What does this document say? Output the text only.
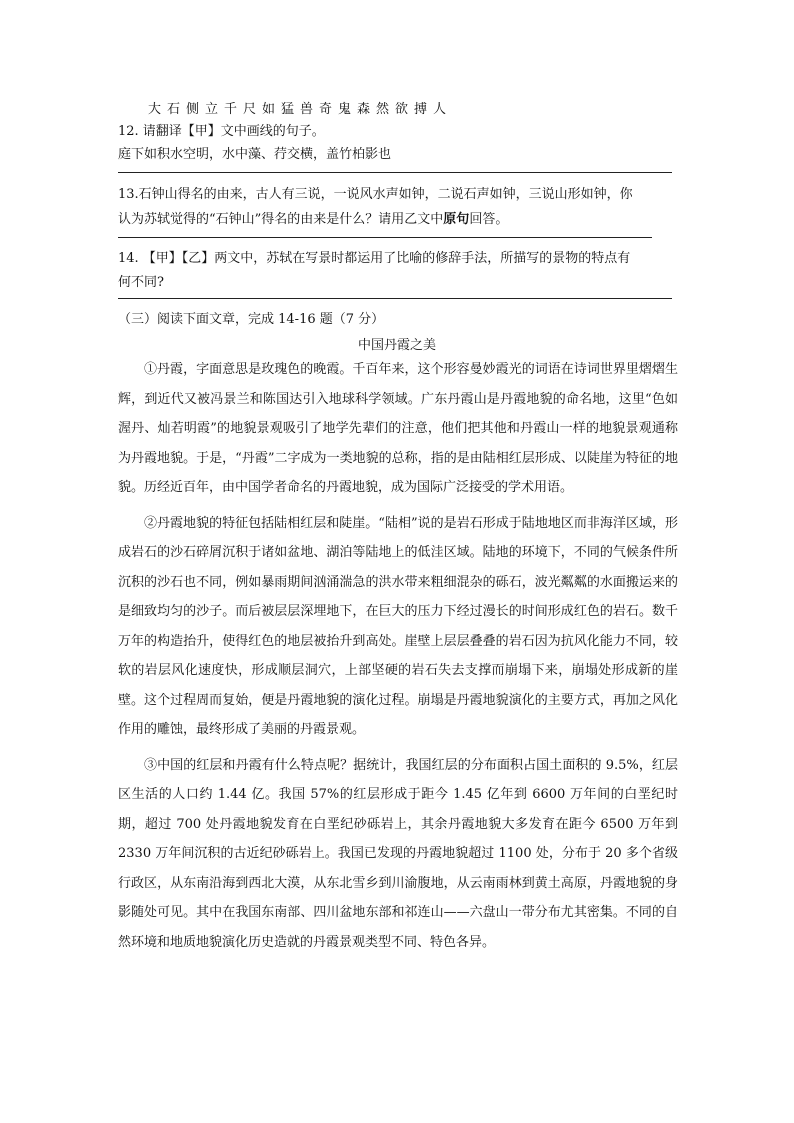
大石侧立千尺如猛兽奇鬼森然欲搏人
12. 请翻译【甲】文中画线的句子。
庭下如积水空明，水中藻、荇交横，盖竹柏影也
13.石钟山得名的由来，古人有三说，一说风水声如钟，二说石声如钟，三说山形如钟，你
认为苏轼觉得的“石钟山”得名的由来是什么？请用乙文中原句回答。
14. 【甲】【乙】两文中，苏轼在写景时都运用了比喻的修辞手法，所描写的景物的特点有
何不同?
（三）阅读下面文章，完成 14-16 题（7 分）
中国丹霞之美

①丹霞，字面意思是玫瑰色的晚霞。千百年来，这个形容曼妙霞光的词语在诗词世界里熠熠生辉，到近代又被冯景兰和陈国达引入地球科学领域。广东丹霞山是丹霞地貌的命名地，这里“色如渥丹、灿若明霞”的地貌景观吸引了地学先辈们的注意，他们把其他和丹霞山一样的地貌景观通称为丹霞地貌。于是，“丹霞”二字成为一类地貌的总称，指的是由陆相红层形成、以陡崖为特征的地貌。历经近百年，由中国学者命名的丹霞地貌，成为国际广泛接受的学术用语。

②丹霞地貌的特征包括陆相红层和陡崖。“陆相”说的是岩石形成于陆地地区而非海洋区域，形成岩石的沙石碎屑沉积于诸如盆地、湖泊等陆地上的低洼区域。陆地的环境下，不同的气候条件所沉积的沙石也不同，例如暴雨期间汹涌湍急的洪水带来粗细混杂的砾石，波光粼粼的水面搬运来的是细致均匀的沙子。而后被层层深埋地下，在巨大的压力下经过漫长的时间形成红色的岩石。数千万年的构造抬升，使得红色的地层被抬升到高处。崖壁上层层叠叠的岩石因为抗风化能力不同，较软的岩层风化速度快，形成顺层洞穴，上部坚硬的岩石失去支撑而崩塌下来，崩塌处形成新的崖壁。这个过程周而复始，便是丹霞地貌的演化过程。崩塌是丹霞地貌演化的主要方式，再加之风化作用的雕蚀，最终形成了美丽的丹霞景观。

③中国的红层和丹霞有什么特点呢？据统计，我国红层的分布面积占国土面积的 9.5%，红层区生活的人口约 1.44 亿。我国 57%的红层形成于距今 1.45 亿年到 6600 万年间的白垩纪时期，超过 700 处丹霞地貌发育在白垩纪砂砾岩上，其余丹霞地貌大多发育在距今 6500 万年到 2330 万年间沉积的古近纪砂砾岩上。我国已发现的丹霞地貌超过 1100 处，分布于 20 多个省级行政区，从东南沿海到西北大漠，从东北雪乡到川渝腹地，从云南雨林到黄土高原，丹霞地貌的身影随处可见。其中在我国东南部、四川盆地东部和祁连山——六盘山一带分布尤其密集。不同的自然环境和地质地貌演化历史造就的丹霞景观类型不同、特色各异。
